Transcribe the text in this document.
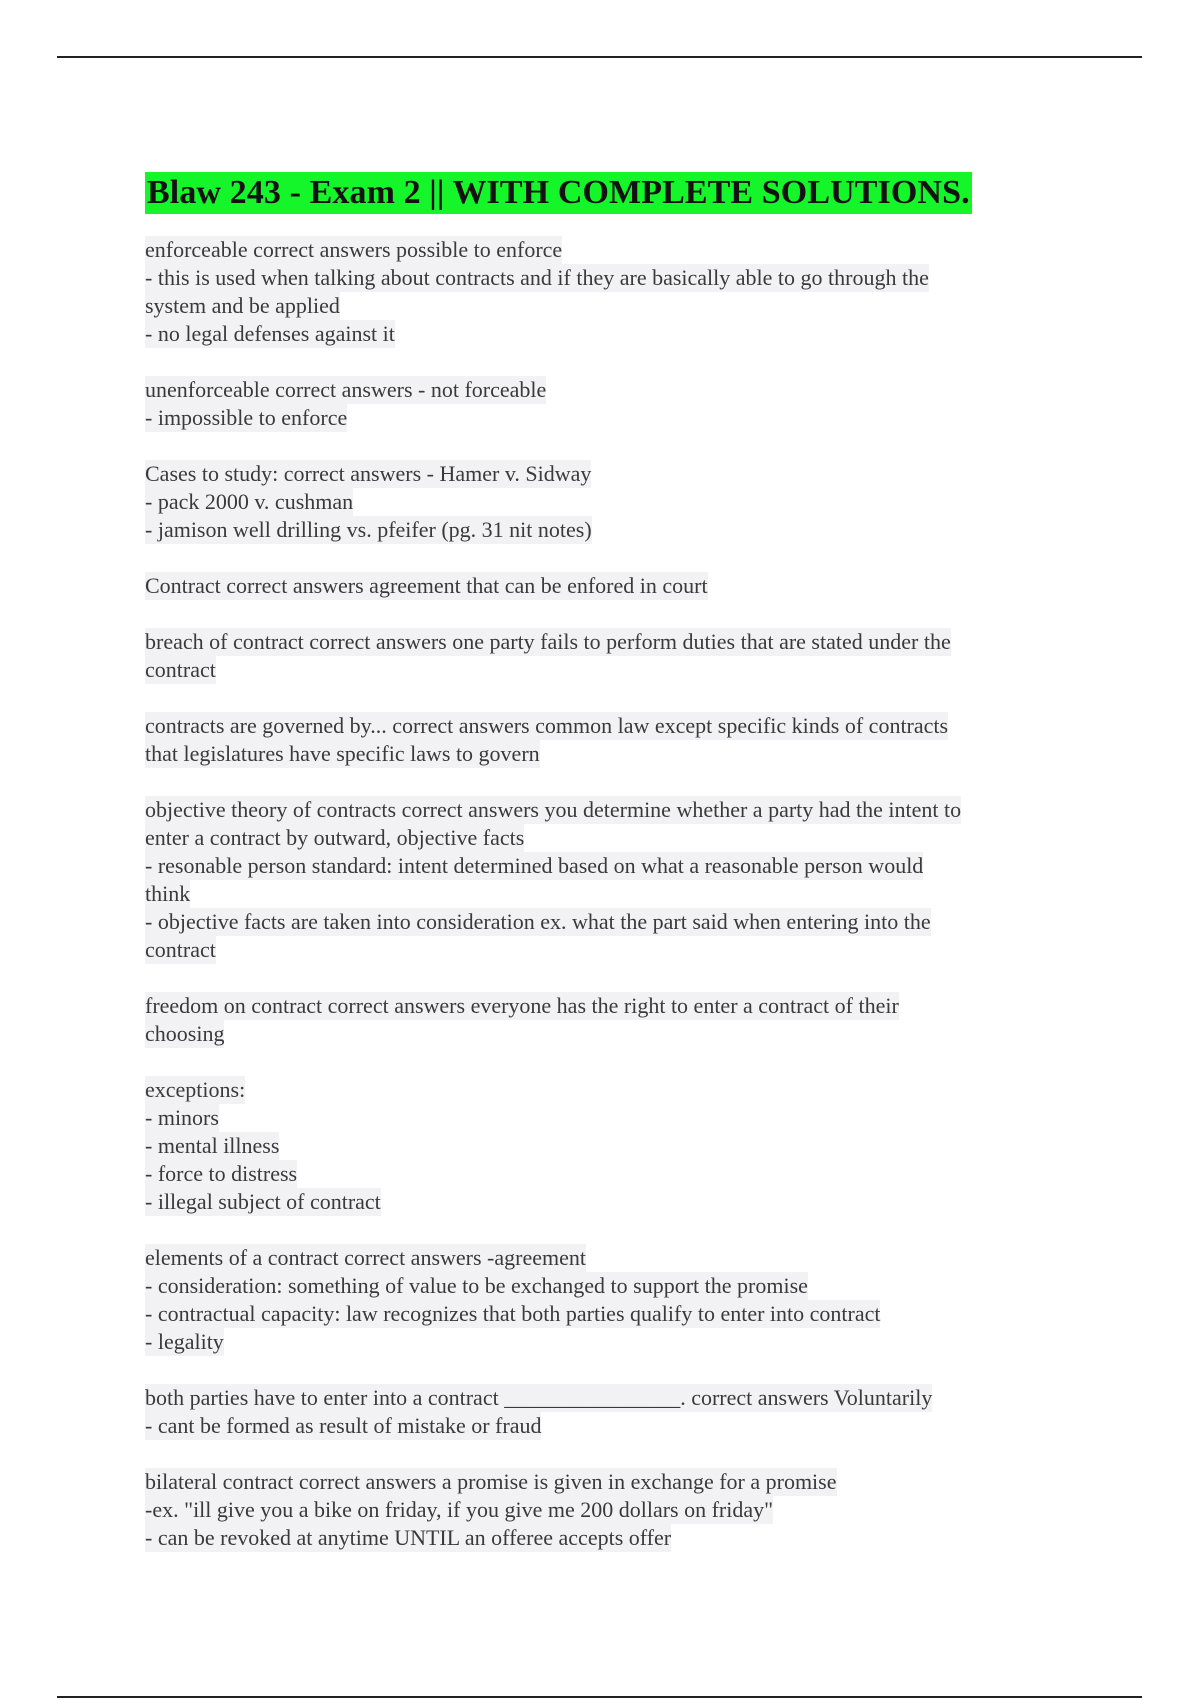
Blaw 243 - Exam 2 || WITH COMPLETE SOLUTIONS.
enforceable correct answers possible to enforce
- this is used when talking about contracts and if they are basically able to go through the
system and be applied
- no legal defenses against it
unenforceable correct answers - not forceable
- impossible to enforce
Cases to study: correct answers - Hamer v. Sidway
- pack 2000 v. cushman
- jamison well drilling vs. pfeifer (pg. 31 nit notes)
Contract correct answers agreement that can be enfored in court
breach of contract correct answers one party fails to perform duties that are stated under the
contract
contracts are governed by... correct answers common law except specific kinds of contracts
that legislatures have specific laws to govern
objective theory of contracts correct answers you determine whether a party had the intent to
enter a contract by outward, objective facts
- resonable person standard: intent determined based on what a reasonable person would
think
- objective facts are taken into consideration ex. what the part said when entering into the
contract
freedom on contract correct answers everyone has the right to enter a contract of their
choosing
exceptions:
- minors
- mental illness
- force to distress
- illegal subject of contract
elements of a contract correct answers -agreement
- consideration: something of value to be exchanged to support the promise
- contractual capacity: law recognizes that both parties qualify to enter into contract
- legality
both parties have to enter into a contract ________________. correct answers Voluntarily
- cant be formed as result of mistake or fraud
bilateral contract correct answers a promise is given in exchange for a promise
-ex. "ill give you a bike on friday, if you give me 200 dollars on friday"
- can be revoked at anytime UNTIL an offeree accepts offer
